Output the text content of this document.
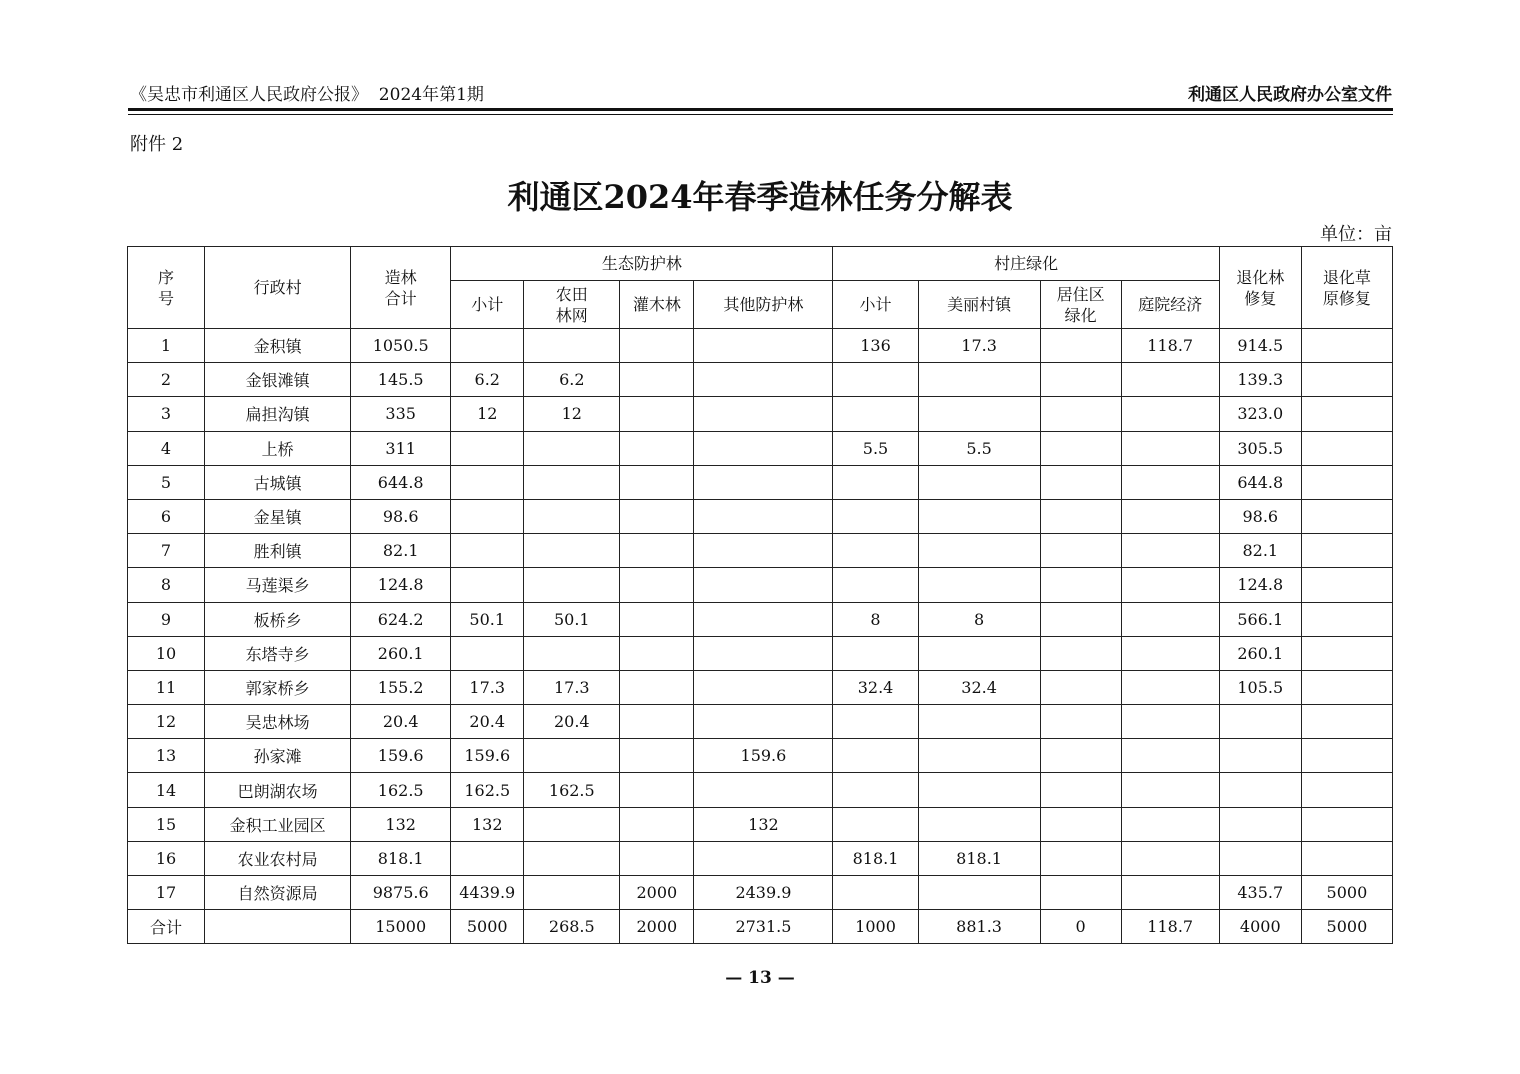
《吴忠市利通区人民政府公报》  2024年第1期	利通区人民政府办公室文件
附件 2
利通区2024年春季造林任务分解表
单位：亩
序号	行政村	造林合计	生态防护林				村庄绿化				退化林修复	退化草原修复
			小计	农田林网	灌木林	其他防护林	小计	美丽村镇	居住区绿化	庭院经济		
1	金积镇	1050.5					136	17.3		118.7	914.5	
2	金银滩镇	145.5	6.2	6.2							139.3	
3	扁担沟镇	335	12	12							323.0	
4	上桥	311					5.5	5.5			305.5	
5	古城镇	644.8									644.8	
6	金星镇	98.6									98.6	
7	胜利镇	82.1									82.1	
8	马莲渠乡	124.8									124.8	
9	板桥乡	624.2	50.1	50.1			8	8			566.1	
10	东塔寺乡	260.1									260.1	
11	郭家桥乡	155.2	17.3	17.3			32.4	32.4			105.5	
12	吴忠林场	20.4	20.4	20.4								
13	孙家滩	159.6	159.6			159.6						
14	巴朗湖农场	162.5	162.5	162.5								
15	金积工业园区	132	132			132						
16	农业农村局	818.1					818.1	818.1				
17	自然资源局	9875.6	4439.9		2000	2439.9					435.7	5000
合计		15000	5000	268.5	2000	2731.5	1000	881.3	0	118.7	4000	5000
— 13 —
